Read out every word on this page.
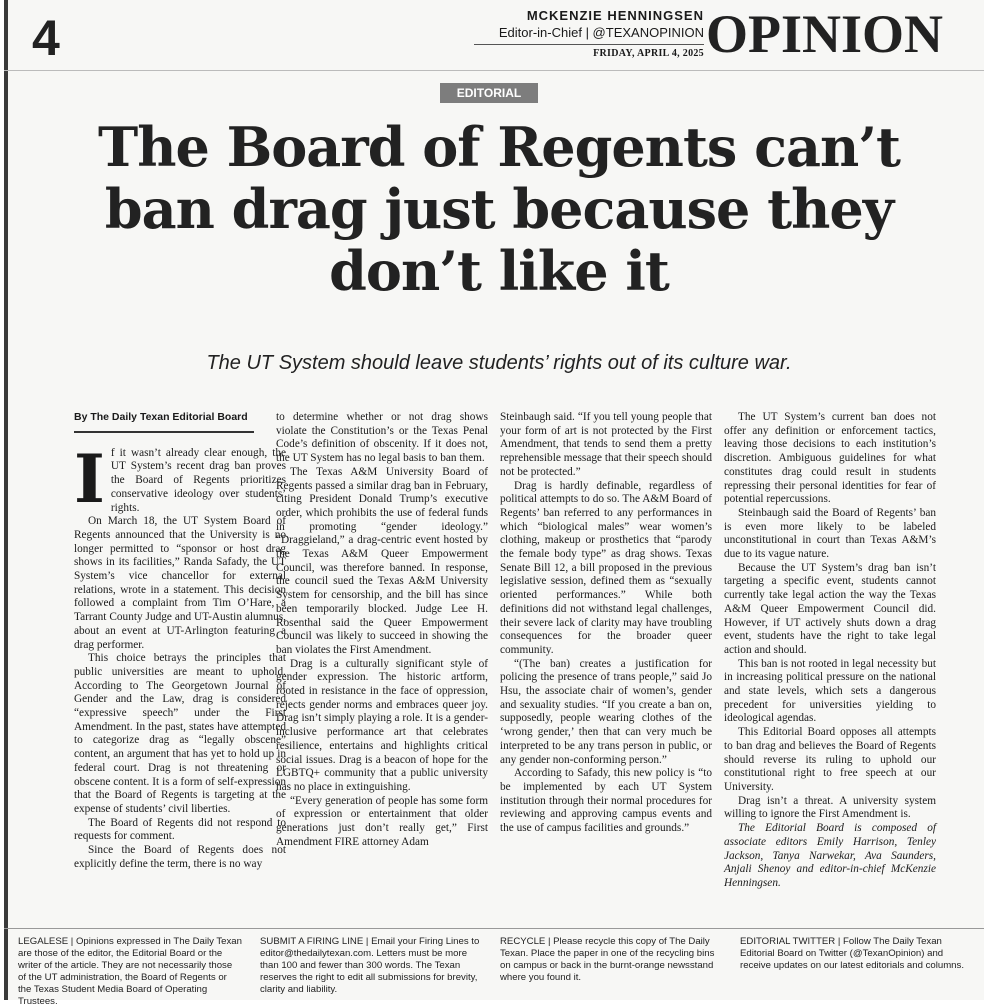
4	MCKENZIE HENNINGSEN
Editor-in-Chief | @TEXANOPINION
FRIDAY, APRIL 4, 2025 OPINION
EDITORIAL
The Board of Regents can’t ban drag just because they don’t like it
The UT System should leave students’ rights out of its culture war.
By The Daily Texan Editorial Board
I f it wasn’t already clear enough, the UT System’s recent drag ban proves the Board of Regents prioritizes conservative ideology over students’ rights.

On March 18, the UT System Board of Regents announced that the University is no longer permitted to “sponsor or host drag shows in its facilities,” Randa Safady, the UT System’s vice chancellor for external relations, wrote in a statement. This decision followed a complaint from Tim O’Hare, a Tarrant County Judge and UT-Austin alumnus, about an event at UT-Arlington featuring a drag performer.

This choice betrays the principles that public universities are meant to uphold. According to The Georgetown Journal of Gender and the Law, drag is considered “expressive speech” under the First Amendment. In the past, states have attempted to categorize drag as “legally obscene” content, an argument that has yet to hold up in federal court. Drag is not threatening or obscene content. It is a form of self-expression that the Board of Regents is targeting at the expense of students’ civil liberties.

The Board of Regents did not respond to requests for comment.

Since the Board of Regents does not explicitly define the term, there is no way

to determine whether or not drag shows violate the Constitution’s or the Texas Penal Code’s definition of obscenity. If it does not, the UT System has no legal basis to ban them.

The Texas A&M University Board of Regents passed a similar drag ban in February, citing President Donald Trump’s executive order, which prohibits the use of federal funds in promoting “gender ideology.” “Draggieland,” a drag-centric event hosted by the Texas A&M Queer Empowerment Council, was therefore banned. In response, the council sued the Texas A&M University System for censorship, and the bill has since been temporarily blocked. Judge Lee H. Rosenthal said the Queer Empowerment Council was likely to succeed in showing the ban violates the First Amendment.

Drag is a culturally significant style of gender expression. The historic artform, rooted in resistance in the face of oppression, rejects gender norms and embraces queer joy. Drag isn’t simply playing a role. It is a gender-inclusive performance art that celebrates resilience, entertains and highlights critical social issues. Drag is a beacon of hope for the LGBTQ+ community that a public university has no place in extinguishing.

“Every generation of people has some form of expression or entertainment that older generations just don’t really get,” First Amendment FIRE attorney Adam

Steinbaugh said. “If you tell young people that your form of art is not protected by the First Amendment, that tends to send them a pretty reprehensible message that their speech should not be protected.”

Drag is hardly definable, regardless of political attempts to do so. The A&M Board of Regents’ ban referred to any performances in which “biological males” wear women’s clothing, makeup or prosthetics that “parody the female body type” as drag shows. Texas Senate Bill 12, a bill proposed in the previous legislative session, defined them as “sexually oriented performances.” While both definitions did not withstand legal challenges, their severe lack of clarity may have troubling consequences for the broader queer community.

“(The ban) creates a justification for policing the presence of trans people,” said Jo Hsu, the associate chair of women’s, gender and sexuality studies. “If you create a ban on, supposedly, people wearing clothes of the ‘wrong gender,’ then that can very much be interpreted to be any trans person in public, or any gender non-conforming person.”

According to Safady, this new policy is “to be implemented by each UT System institution through their normal procedures for reviewing and approving campus events and the use of campus facilities and grounds.”

The UT System’s current ban does not offer any definition or enforcement tactics, leaving those decisions to each institution’s discretion. Ambiguous guidelines for what constitutes drag could result in students repressing their personal identities for fear of potential repercussions.

Steinbaugh said the Board of Regents’ ban is even more likely to be labeled unconstitutional in court than Texas A&M’s due to its vague nature.

Because the UT System’s drag ban isn’t targeting a specific event, students cannot currently take legal action the way the Texas A&M Queer Empowerment Council did. However, if UT actively shuts down a drag event, students have the right to take legal action and should.

This ban is not rooted in legal necessity but in increasing political pressure on the national and state levels, which sets a dangerous precedent for universities yielding to ideological agendas.

This Editorial Board opposes all attempts to ban drag and believes the Board of Regents should reverse its ruling to uphold our constitutional right to free speech at our University.

Drag isn’t a threat. A university system willing to ignore the First Amendment is.

The Editorial Board is composed of associate editors Emily Harrison, Tenley Jackson, Tanya Narwekar, Ava Saunders, Anjali Shenoy and editor-in-chief McKenzie Henningsen.

LEGALESE | Opinions expressed in The Daily Texan are those of the editor, the Editorial Board or the writer of the article. They are not necessarily those of the UT administration, the Board of Regents or the Texas Student Media Board of Operating Trustees.
SUBMIT A FIRING LINE | Email your Firing Lines to editor@thedailytexan.com. Letters must be more than 100 and fewer than 300 words. The Texan reserves the right to edit all submissions for brevity, clarity and liability.
RECYCLE | Please recycle this copy of The Daily Texan. Place the paper in one of the recycling bins on campus or back in the burnt-orange newsstand where you found it.
EDITORIAL TWITTER | Follow The Daily Texan Editorial Board on Twitter (@TexanOpinion) and receive updates on our latest editorials and columns.
